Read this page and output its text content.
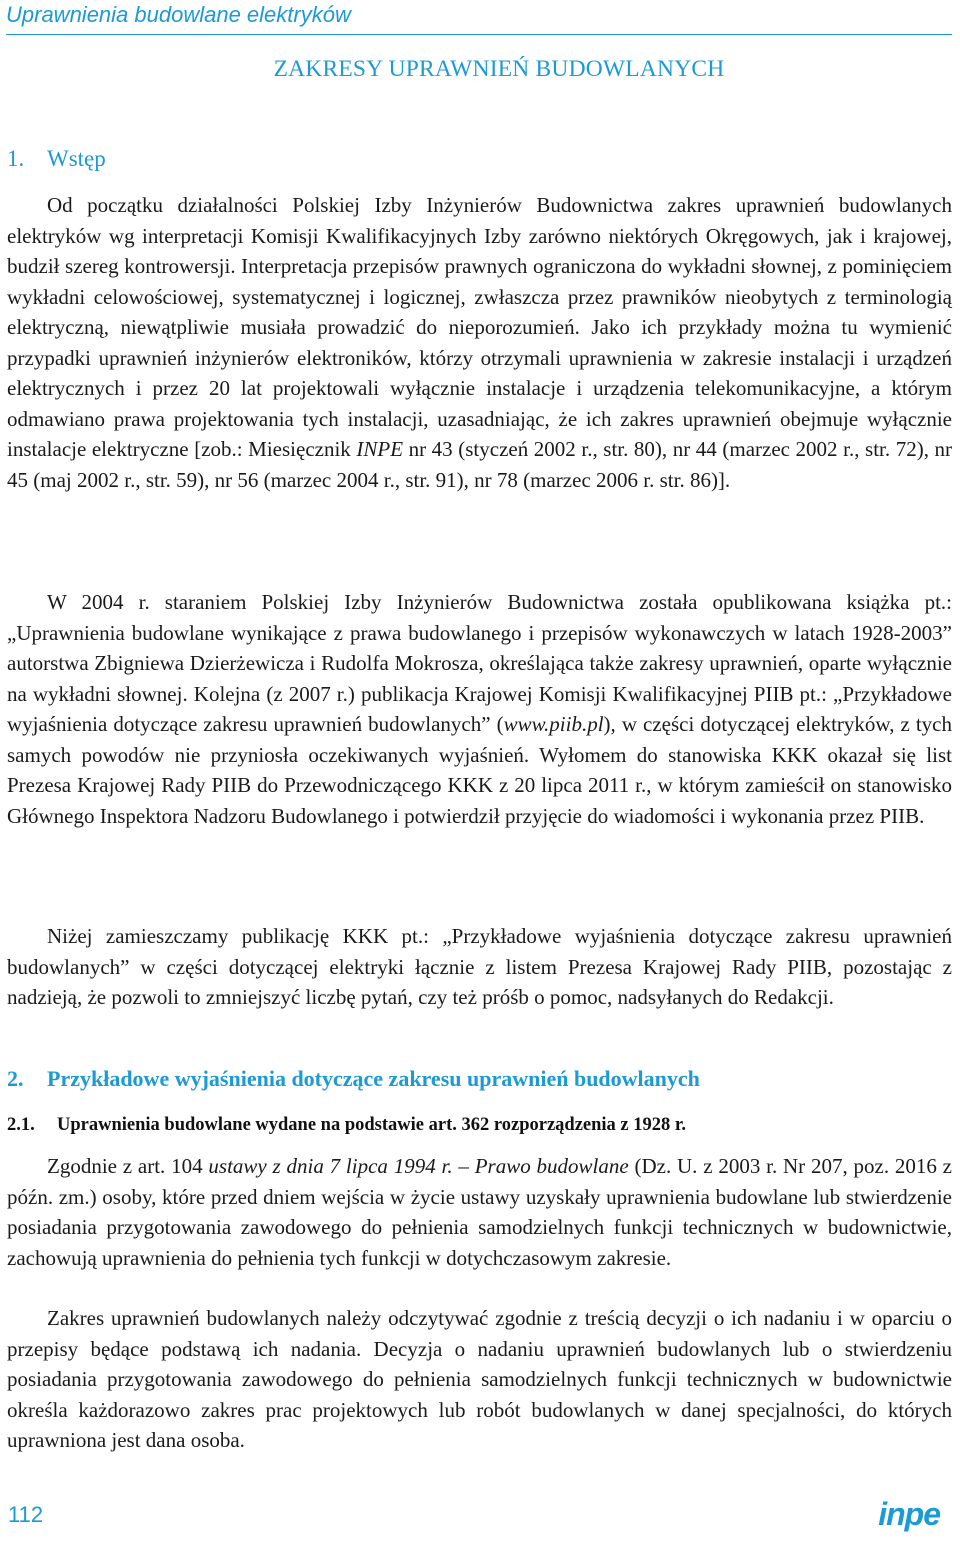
Uprawnienia budowlane elektryków
ZAKRESY UPRAWNIEŃ BUDOWLANYCH
1. Wstęp

Od początku działalności Polskiej Izby Inżynierów Budownictwa zakres uprawnień budowlanych elektryków wg interpretacji Komisji Kwalifikacyjnych Izby zarówno niektórych Okręgowych, jak i krajowej, budził szereg kontrowersji. Interpretacja przepisów prawnych ograniczona do wykładni słownej, z pominięciem wykładni celowościowej, systematycznej i logicznej, zwłaszcza przez prawników nieobytych z terminologią elektryczną, niewątpliwie musiała prowadzić do nieporozumień. Jako ich przykłady można tu wymienić przypadki uprawnień inżynierów elektroników, którzy otrzymali uprawnienia w zakresie instalacji i urządzeń elektrycznych i przez 20 lat projektowali wyłącznie instalacje i urządzenia telekomunikacyjne, a którym odmawiano prawa projektowania tych instalacji, uzasadniając, że ich zakres uprawnień obejmuje wyłącznie instalacje elektryczne [zob.: Miesięcznik INPE nr 43 (styczeń 2002 r., str. 80), nr 44 (marzec 2002 r., str. 72), nr 45 (maj 2002 r., str. 59), nr 56 (marzec 2004 r., str. 91), nr 78 (marzec 2006 r. str. 86)].

W 2004 r. staraniem Polskiej Izby Inżynierów Budownictwa została opublikowana książka pt.: „Uprawnienia budowlane wynikające z prawa budowlanego i przepisów wykonawczych w latach 1928-2003” autorstwa Zbigniewa Dzierżewicza i Rudolfa Mokrosza, określająca także zakresy uprawnień, oparte wyłącznie na wykładni słownej. Kolejna (z 2007 r.) publikacja Krajowej Komisji Kwalifikacyjnej PIIB pt.: „Przykładowe wyjaśnienia dotyczące zakresu uprawnień budowlanych” (www.piib.pl), w części dotyczącej elektryków, z tych samych powodów nie przyniosła oczekiwanych wyjaśnień. Wyłomem do stanowiska KKK okazał się list Prezesa Krajowej Rady PIIB do Przewodniczącego KKK z 20 lipca 2011 r., w którym zamieścił on stanowisko Głównego Inspektora Nadzoru Budowlanego i potwierdził przyjęcie do wiadomości i wykonania przez PIIB.

Niżej zamieszczamy publikację KKK pt.: „Przykładowe wyjaśnienia dotyczące zakresu uprawnień budowlanych” w części dotyczącej elektryki łącznie z listem Prezesa Krajowej Rady PIIB, pozostając z nadzieją, że pozwoli to zmniejszyć liczbę pytań, czy też próśb o pomoc, nadsyłanych do Redakcji.

2. Przykładowe wyjaśnienia dotyczące zakresu uprawnień budowlanych
2.1. Uprawnienia budowlane wydane na podstawie art. 362 rozporządzenia z 1928 r.

Zgodnie z art. 104 ustawy z dnia 7 lipca 1994 r. – Prawo budowlane (Dz. U. z 2003 r. Nr 207, poz. 2016 z późn. zm.) osoby, które przed dniem wejścia w życie ustawy uzyskały uprawnienia budowlane lub stwierdzenie posiadania przygotowania zawodowego do pełnienia samodzielnych funkcji technicznych w budownictwie, zachowują uprawnienia do pełnienia tych funkcji w dotychczasowym zakresie.

Zakres uprawnień budowlanych należy odczytywać zgodnie z treścią decyzji o ich nadaniu i w oparciu o przepisy będące podstawą ich nadania. Decyzja o nadaniu uprawnień budowlanych lub o stwierdzeniu posiadania przygotowania zawodowego do pełnienia samodzielnych funkcji technicznych w budownictwie określa każdorazowo zakres prac projektowych lub robót budowlanych w danej specjalności, do których uprawniona jest dana osoba.

112	inpe
